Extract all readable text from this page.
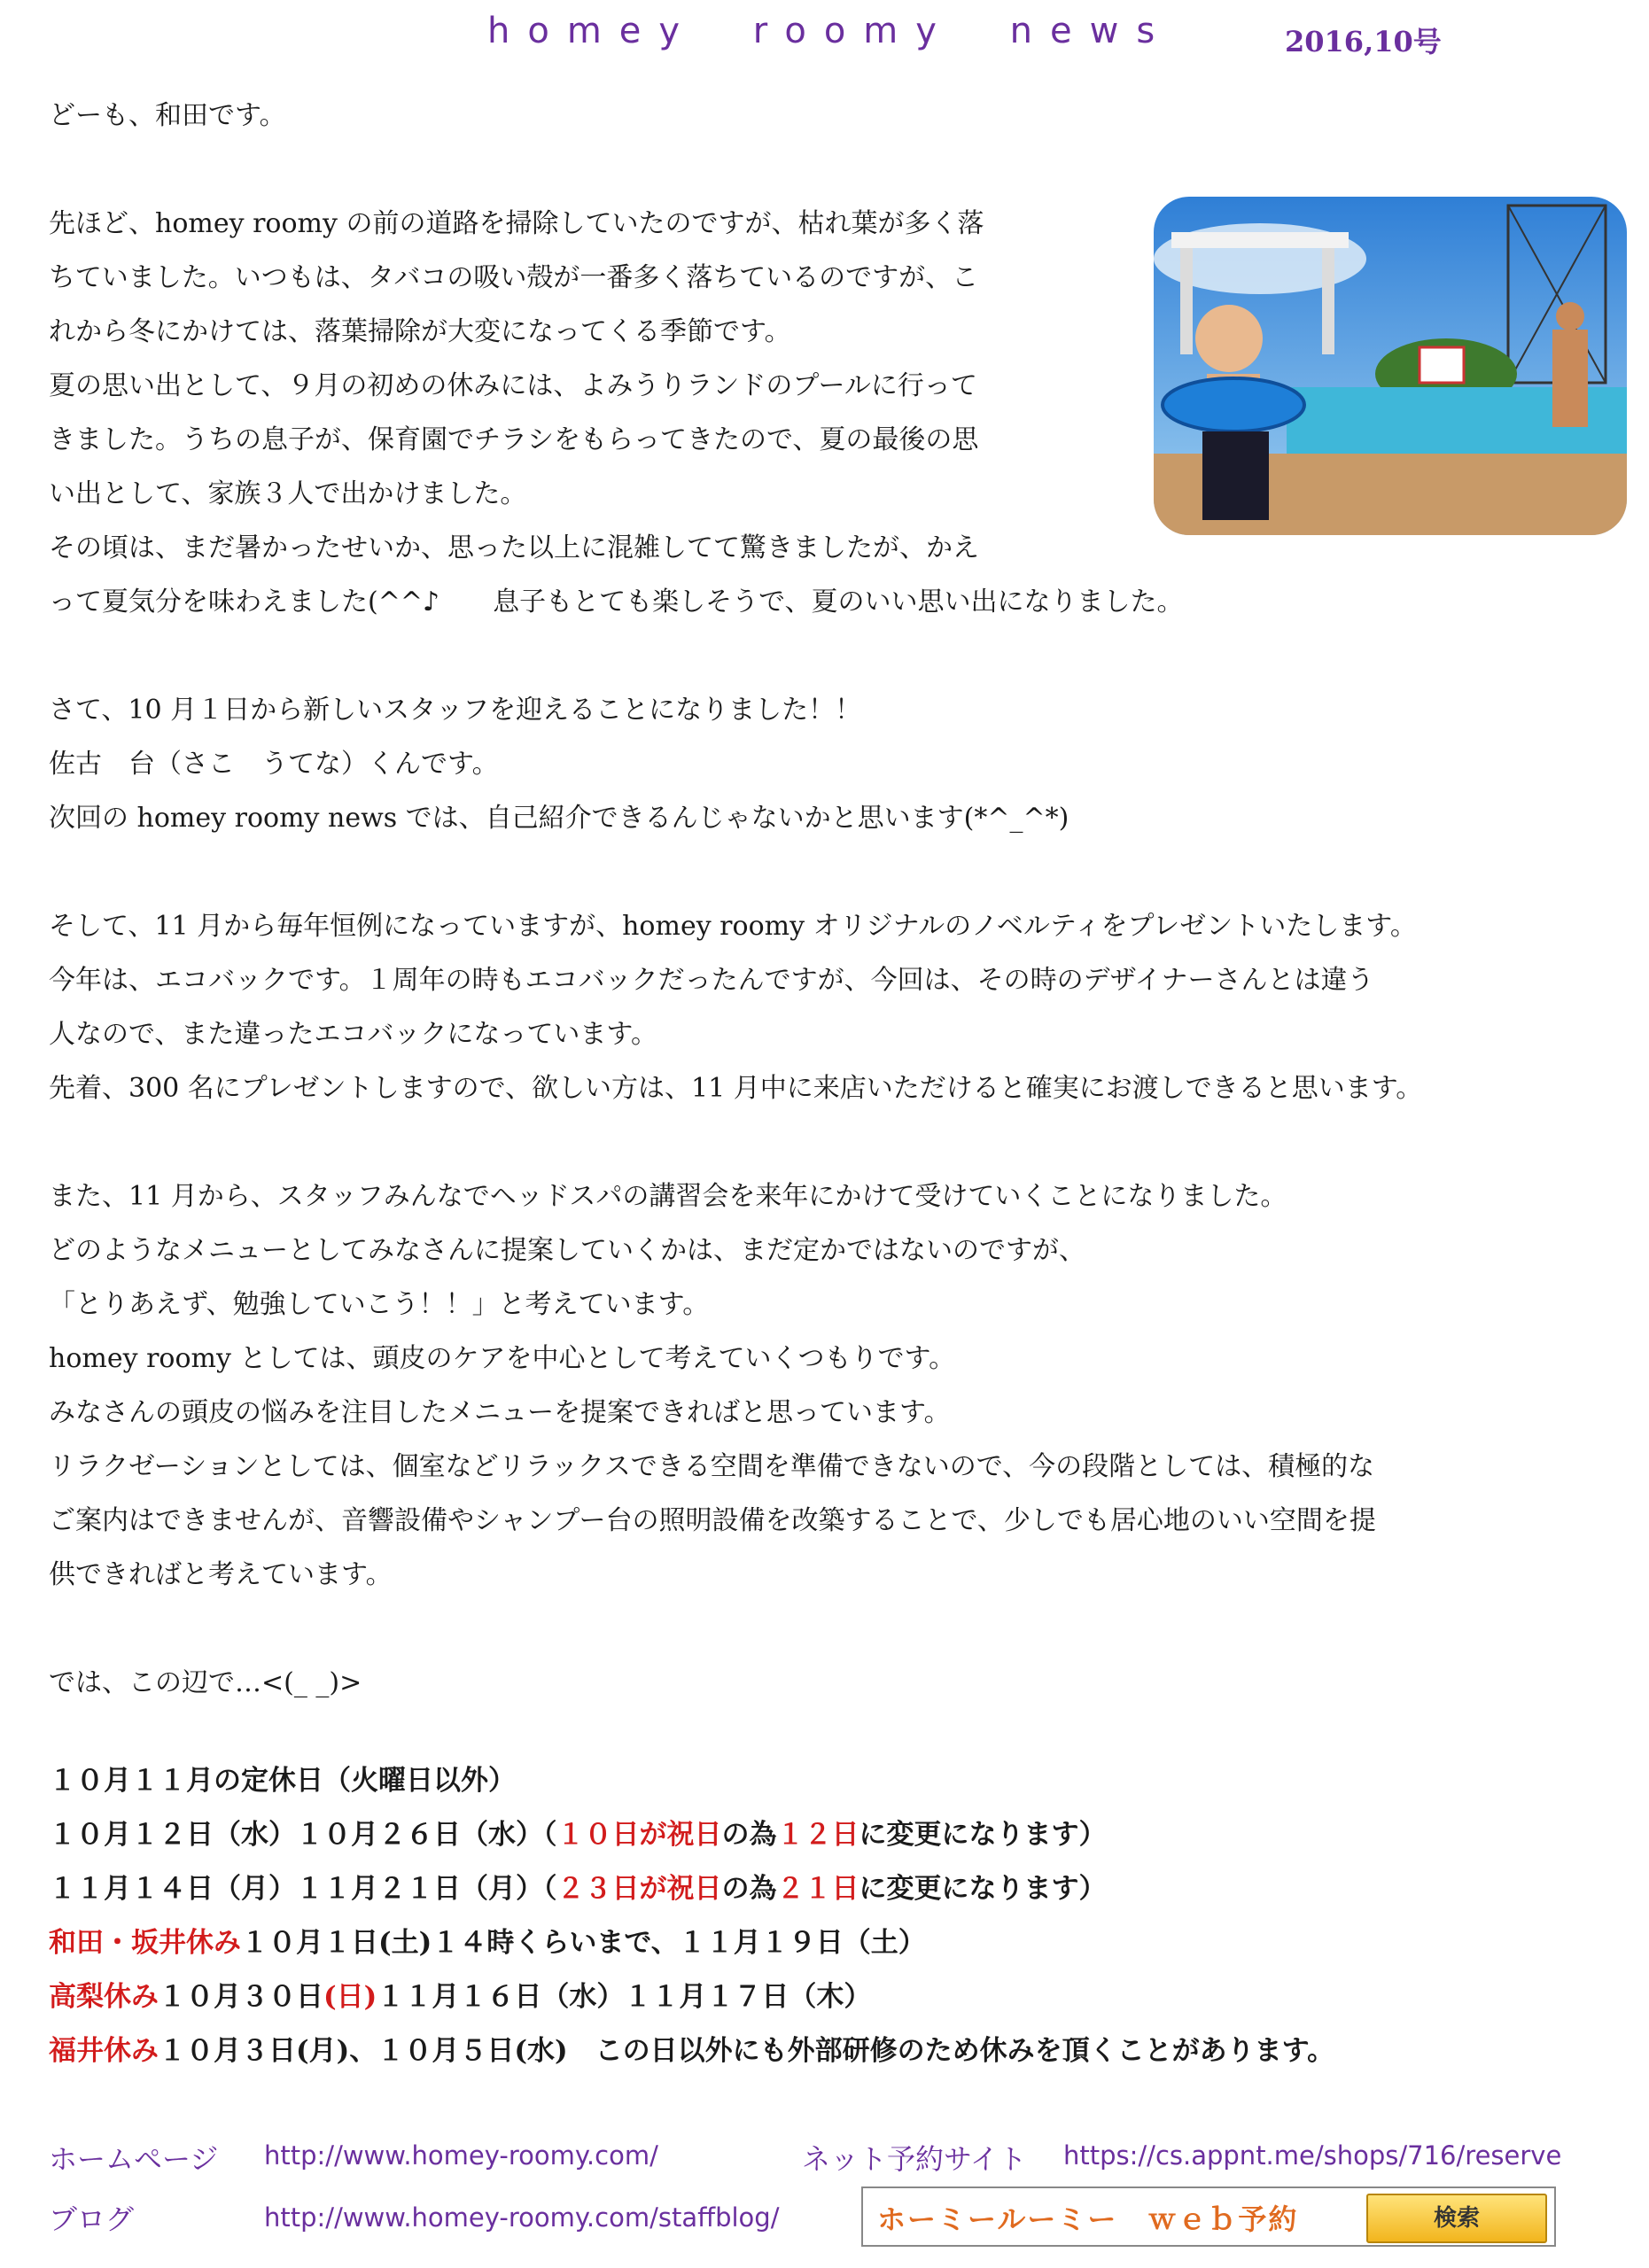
homey roomy news	2016,10号
どーも、和田です。
先ほど、homey roomy の前の道路を掃除していたのですが、枯れ葉が多く落
ちていました。いつもは、タバコの吸い殻が一番多く落ちているのですが、こ
れから冬にかけては、落葉掃除が大変になってくる季節です。
夏の思い出として、９月の初めの休みには、よみうりランドのプールに行って
きました。うちの息子が、保育園でチラシをもらってきたので、夏の最後の思
い出として、家族３人で出かけました。
その頃は、まだ暑かったせいか、思った以上に混雑してて驚きましたが、かえ
って夏気分を味わえました(^^♪　　息子もとても楽しそうで、夏のいい思い出になりました。
さて、10 月１日から新しいスタッフを迎えることになりました！！
佐古　台（さこ　うてな）くんです。
次回の homey roomy news では、自己紹介できるんじゃないかと思います(*^_^*)
そして、11 月から毎年恒例になっていますが、homey roomy オリジナルのノベルティをプレゼントいたします。
今年は、エコバックです。１周年の時もエコバックだったんですが、今回は、その時のデザイナーさんとは違う
人なので、また違ったエコバックになっています。
先着、300 名にプレゼントしますので、欲しい方は、11 月中に来店いただけると確実にお渡しできると思います。
また、11 月から、スタッフみんなでヘッドスパの講習会を来年にかけて受けていくことになりました。
どのようなメニューとしてみなさんに提案していくかは、まだ定かではないのですが、
「とりあえず、勉強していこう！！」と考えています。
homey roomy としては、頭皮のケアを中心として考えていくつもりです。
みなさんの頭皮の悩みを注目したメニューを提案できればと思っています。
リラクゼーションとしては、個室などリラックスできる空間を準備できないので、今の段階としては、積極的な
ご案内はできませんが、音響設備やシャンプー台の照明設備を改築することで、少しでも居心地のいい空間を提
供できればと考えています。
では、この辺で…<(_ _)>
１０月１１月の定休日（火曜日以外）
１０月１２日（水）１０月２６日（水）（１０日が祝日の為１２日に変更になります）
１１月１４日（月）１１月２１日（月）（２３日が祝日の為２１日に変更になります）
和田・坂井休み１０月１日(土)１４時くらいまで、１１月１９日（土）
高梨休み１０月３０日(日)１１月１６日（水）１１月１７日（木）
福井休み１０月３日(月)、１０月５日(水)　この日以外にも外部研修のため休みを頂くことがあります。
ホームページ http://www.homey-roomy.com/
ブログ	http://www.homey-roomy.com/staffblog/
ネット予約サイト https://cs.appnt.me/shops/716/reserve
ホーミールーミー　ｗｅｂ予約	検索
